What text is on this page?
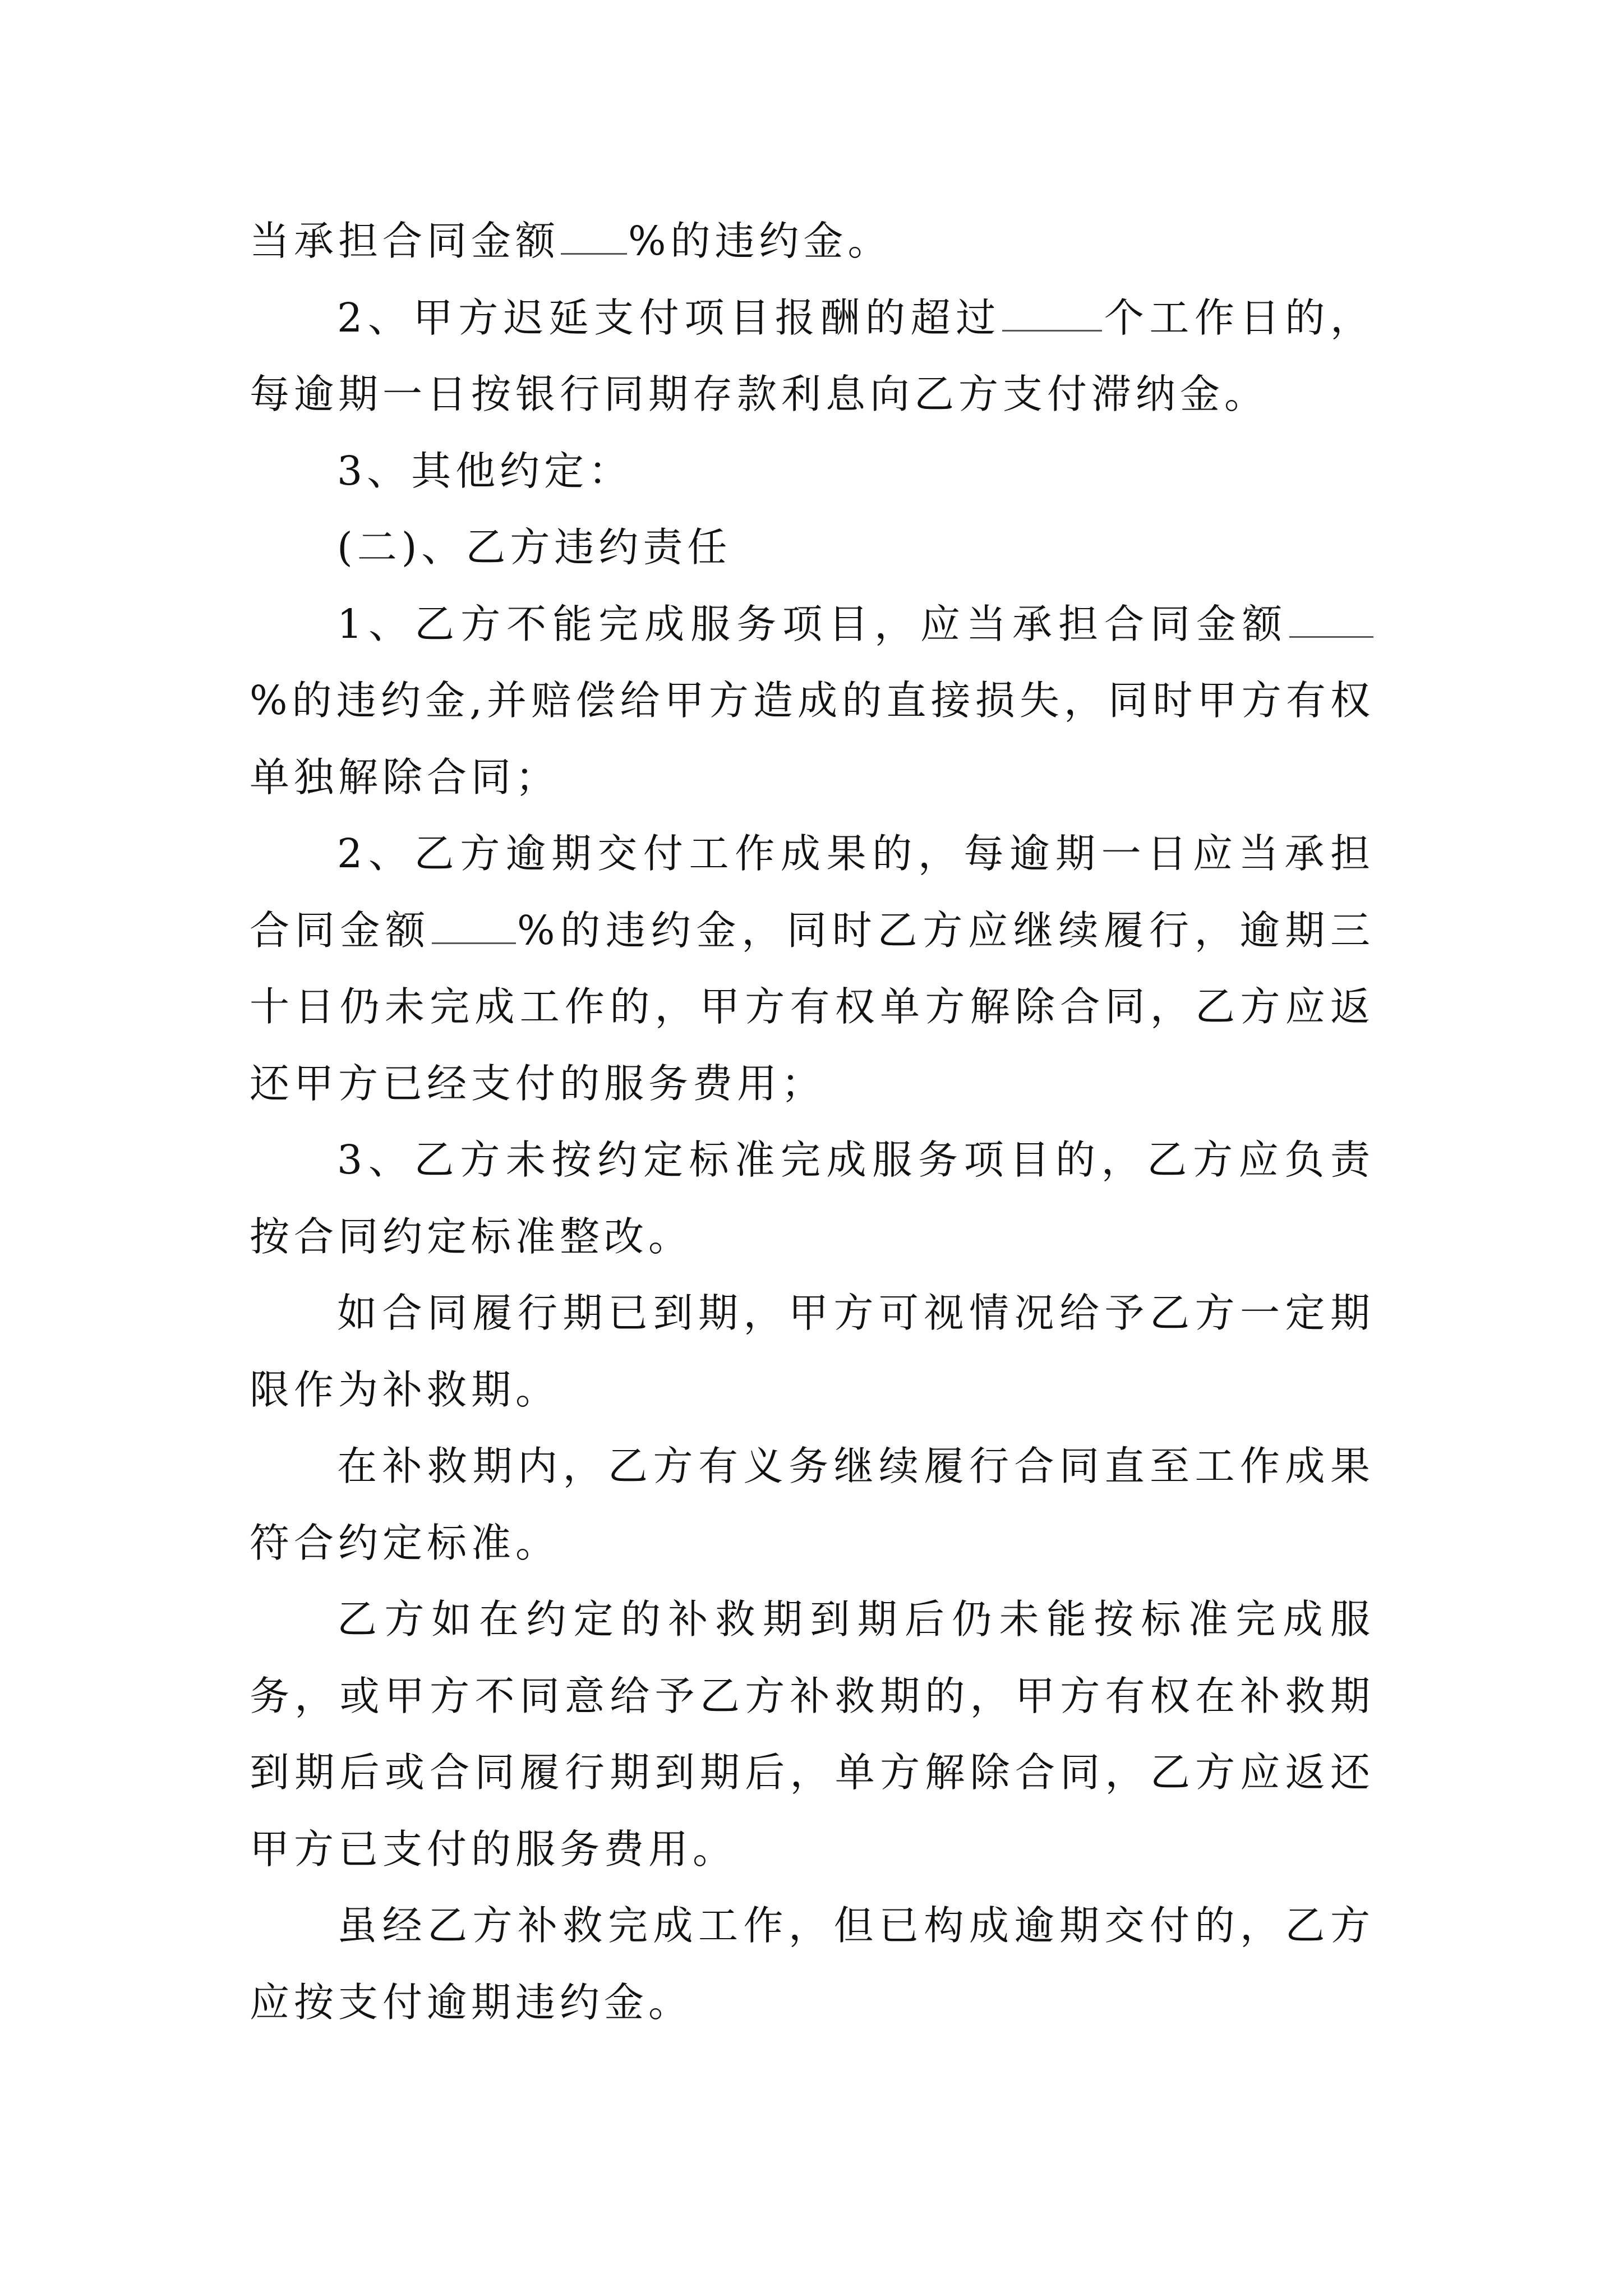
当承担合同金额 %的违约金。

2、甲方迟延支付项目报酬的超过	个工作日的，每逾期一日按银行同期存款利息向乙方支付滞纳金。

3、其他约定：

(二)、乙方违约责任

1、乙方不能完成服务项目，应当承担合同金额%的违约金,并赔偿给甲方造成的直接损失，同时甲方有权单独解除合同；

2、乙方逾期交付工作成果的，每逾期一日应当承担合同金额 %的违约金，同时乙方应继续履行，逾期三十日仍未完成工作的，甲方有权单方解除合同，乙方应返还甲方已经支付的服务费用；

3、乙方未按约定标准完成服务项目的，乙方应负责按合同约定标准整改。

如合同履行期已到期，甲方可视情况给予乙方一定期限作为补救期。

在补救期内，乙方有义务继续履行合同直至工作成果符合约定标准。

乙方如在约定的补救期到期后仍未能按标准完成服务，或甲方不同意给予乙方补救期的，甲方有权在补救期到期后或合同履行期到期后，单方解除合同，乙方应返还甲方已支付的服务费用。

虽经乙方补救完成工作，但已构成逾期交付的，乙方应按支付逾期违约金。
